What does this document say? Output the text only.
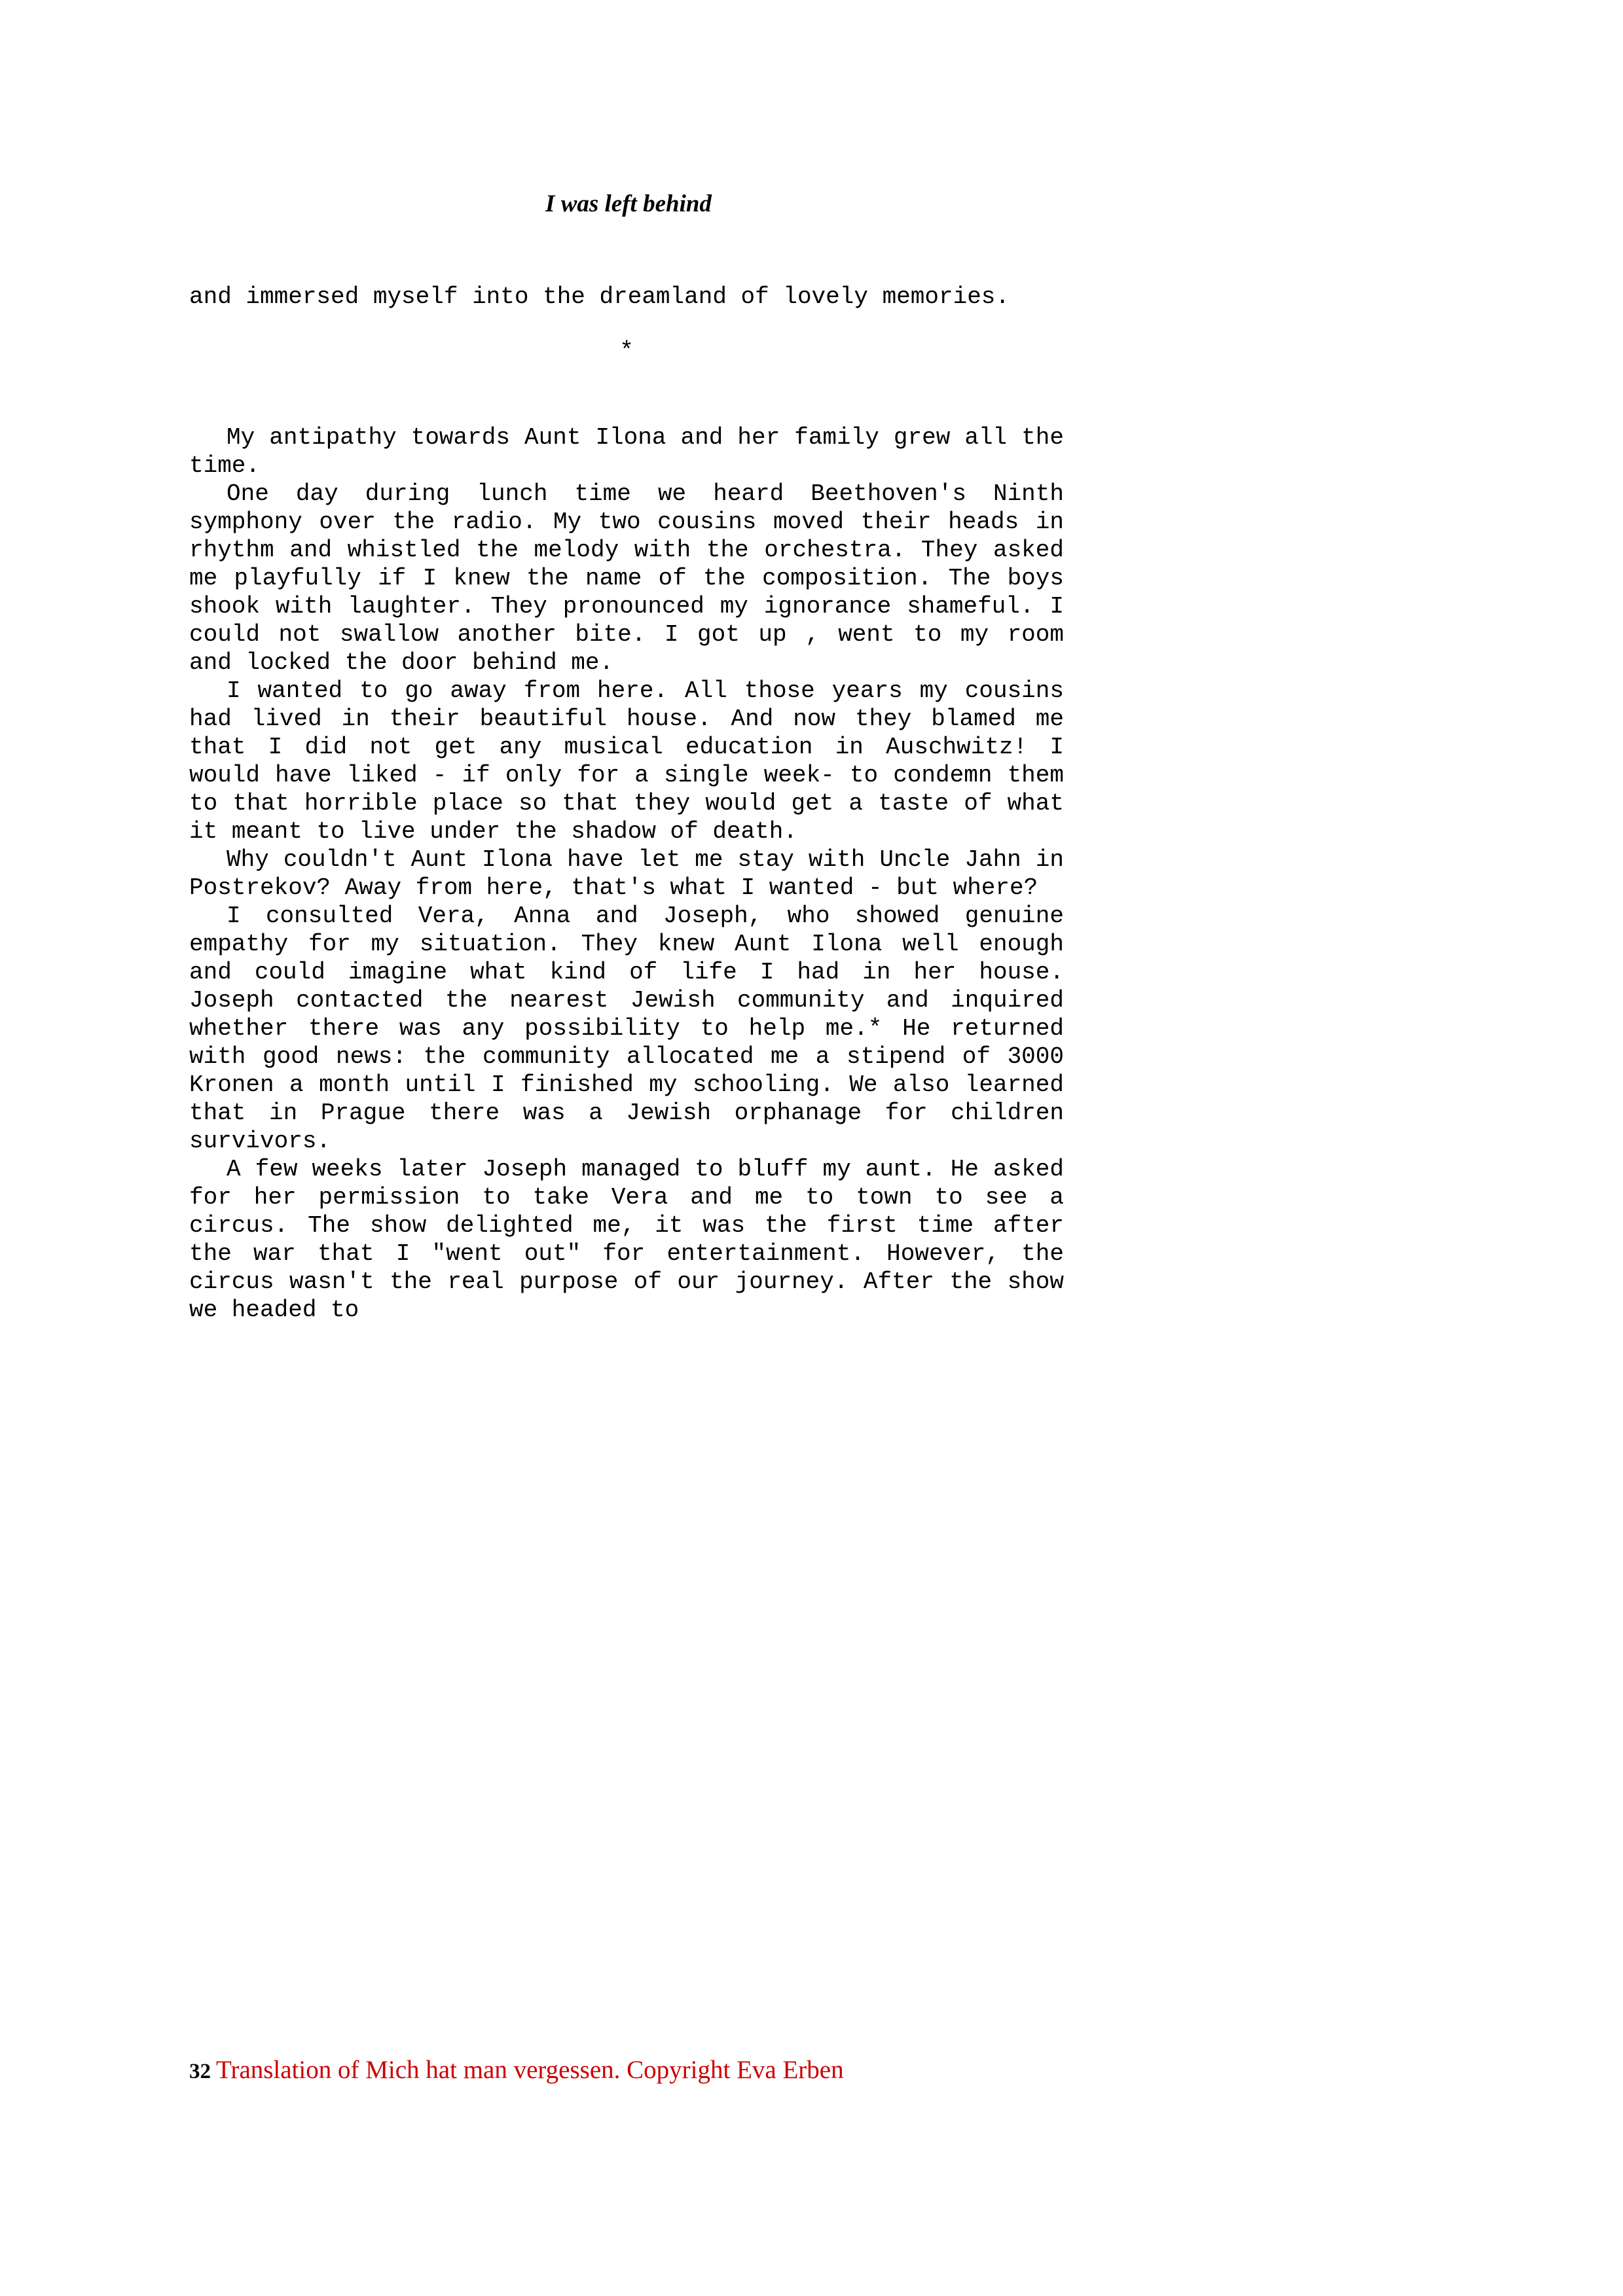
I was left behind

and immersed myself into the dreamland of lovely memories.

*

My antipathy towards Aunt Ilona and her family grew all the time.

One day during lunch time we heard Beethoven's Ninth symphony over the radio. My two cousins moved their heads in rhythm and whistled the melody with the orchestra. They asked me playfully if I knew the name of the composition. The boys shook with laughter. They pronounced my ignorance shameful. I could not swallow another bite. I got up , went to my room and locked the door behind me.

I wanted to go away from here. All those years my cousins had lived in their beautiful house. And now they blamed me that I did not get any musical education in Auschwitz! I would have liked - if only for a single week- to condemn them to that horrible place so that they would get a taste of what it meant to live under the shadow of death.

Why couldn't Aunt Ilona have let me stay with Uncle Jahn in Postrekov? Away from here, that's what I wanted - but where?

I consulted Vera, Anna and Joseph, who showed genuine empathy for my situation. They knew Aunt Ilona well enough and could imagine what kind of life I had in her house. Joseph contacted the nearest Jewish community and inquired whether there was any possibility to help me.* He returned with good news: the community allocated me a stipend of 3000 Kronen a month until I finished my schooling. We also learned that in Prague there was a Jewish orphanage for children survivors.

A few weeks later Joseph managed to bluff my aunt. He asked for her permission to take Vera and me to town to see a circus. The show delighted me, it was the first time after the war that I "went out" for entertainment. However, the circus wasn't the real purpose of our journey. After the show we headed to

32 Translation of Mich hat man vergessen. Copyright Eva Erben
